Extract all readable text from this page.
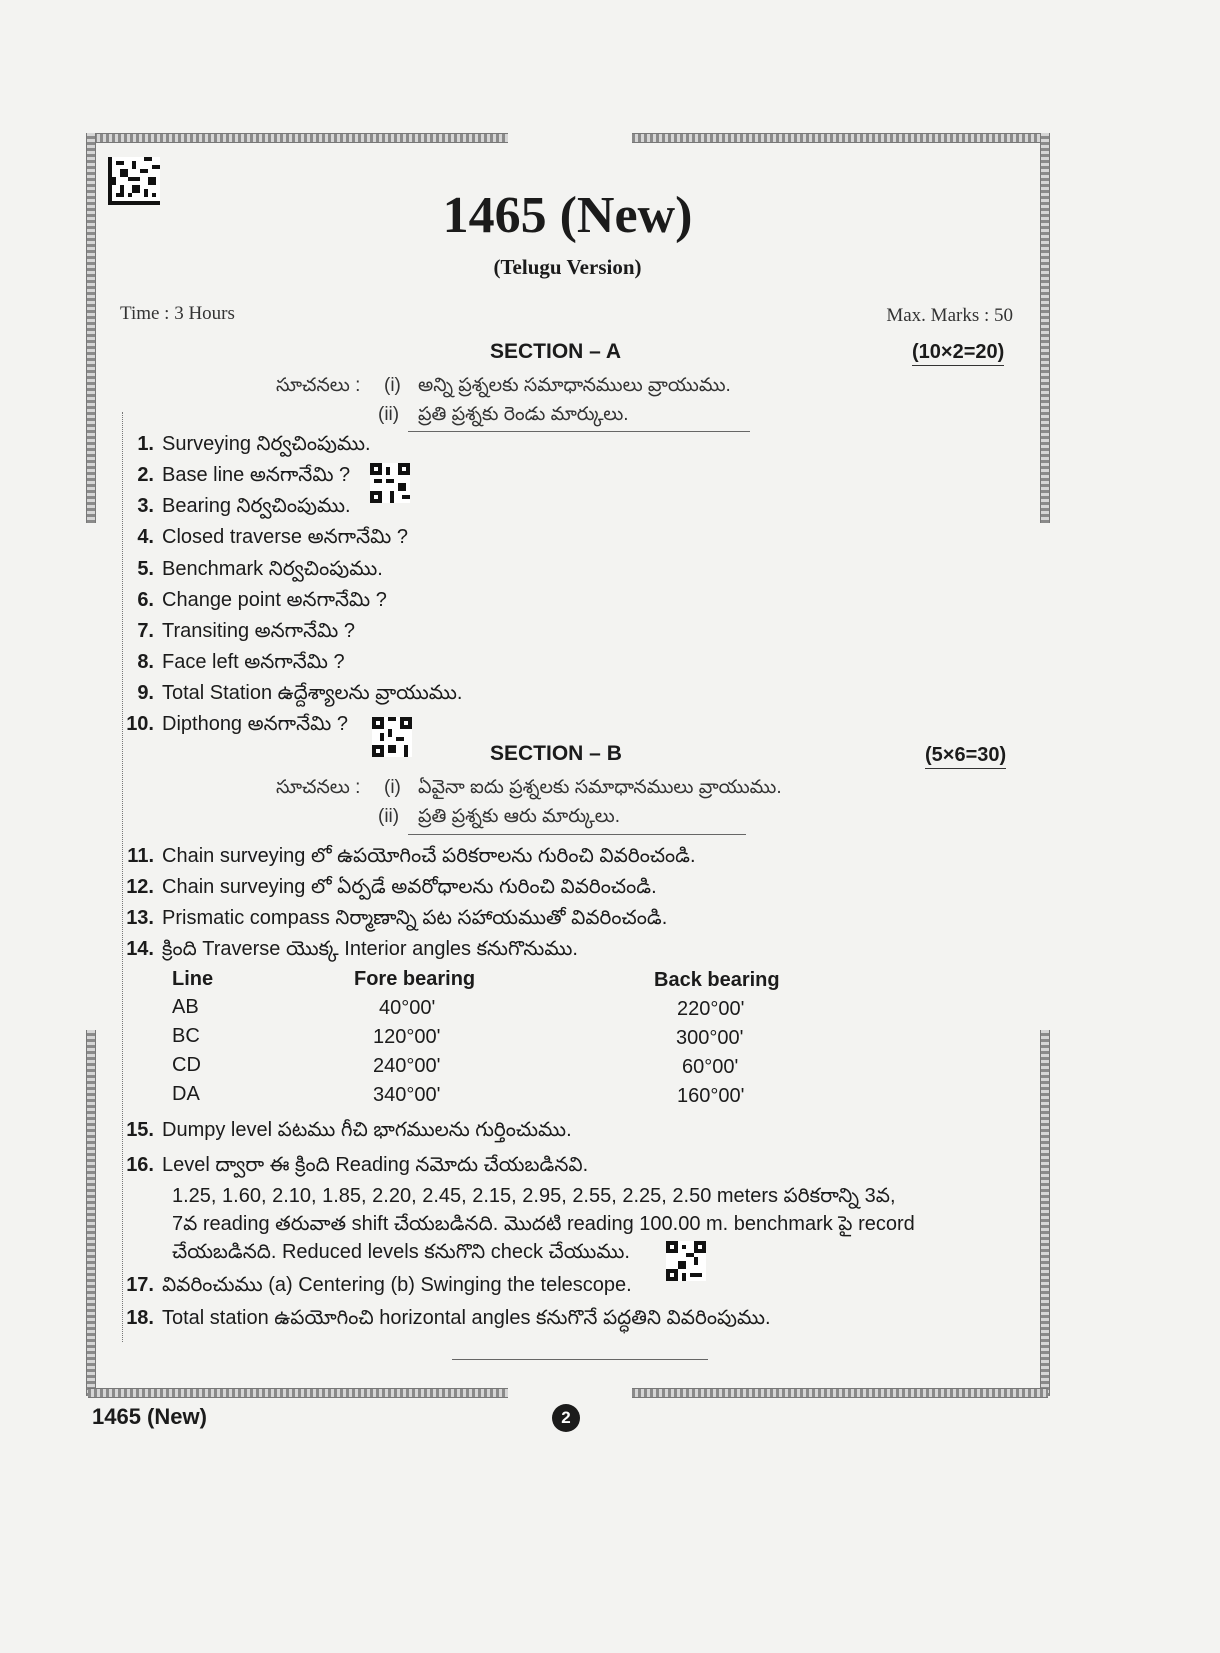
1465 (New)
(Telugu Version)
Time : 3 Hours	Max. Marks : 50
SECTION – A	(10×2=20)
సూచనలు : (i) అన్ని ప్రశ్నలకు సమాధానములు వ్రాయుము.
(ii) ప్రతి ప్రశ్నకు రెండు మార్కులు.
1. Surveying నిర్వచింపుము.
2. Base line అనగానేమి ?
3. Bearing నిర్వచింపుము.
4. Closed traverse అనగానేమి ?
5. Benchmark నిర్వచింపుము.
6. Change point అనగానేమి ?
7. Transiting అనగానేమి ?
8. Face left అనగానేమి ?
9. Total Station ఉద్దేశ్యాలను వ్రాయుము.
10. Dipthong అనగానేమి ?
SECTION – B	(5×6=30)
సూచనలు : (i) ఏవైనా ఐదు ప్రశ్నలకు సమాధానములు వ్రాయుము.
(ii) ప్రతి ప్రశ్నకు ఆరు మార్కులు.
11. Chain surveying లో ఉపయోగించే పరికరాలను గురించి వివరించండి.
12. Chain surveying లో ఏర్పడే అవరోధాలను గురించి వివరించండి.
13. Prismatic compass నిర్మాణాన్ని పట సహాయముతో వివరించండి.
14. క్రింది Traverse యొక్క Interior angles కనుగొనుము.
Line	Fore bearing	Back bearing
AB	40°00'	220°00'
BC	120°00'	300°00'
CD	240°00'	60°00'
DA	340°00'	160°00'
15. Dumpy level పటము గీచి భాగములను గుర్తించుము.
16. Level ద్వారా ఈ క్రింది Reading నమోదు చేయబడినవి.
1.25, 1.60, 2.10, 1.85, 2.20, 2.45, 2.15, 2.95, 2.55, 2.25, 2.50 meters పరికరాన్ని 3వ,
7వ reading తరువాత shift చేయబడినది. మొదటి reading 100.00 m. benchmark పై record
చేయబడినది. Reduced levels కనుగొని check చేయుము.
17. వివరించుము (a) Centering (b) Swinging the telescope.
18. Total station ఉపయోగించి horizontal angles కనుగొనే పద్ధతిని వివరింపుము.
1465 (New)	2
